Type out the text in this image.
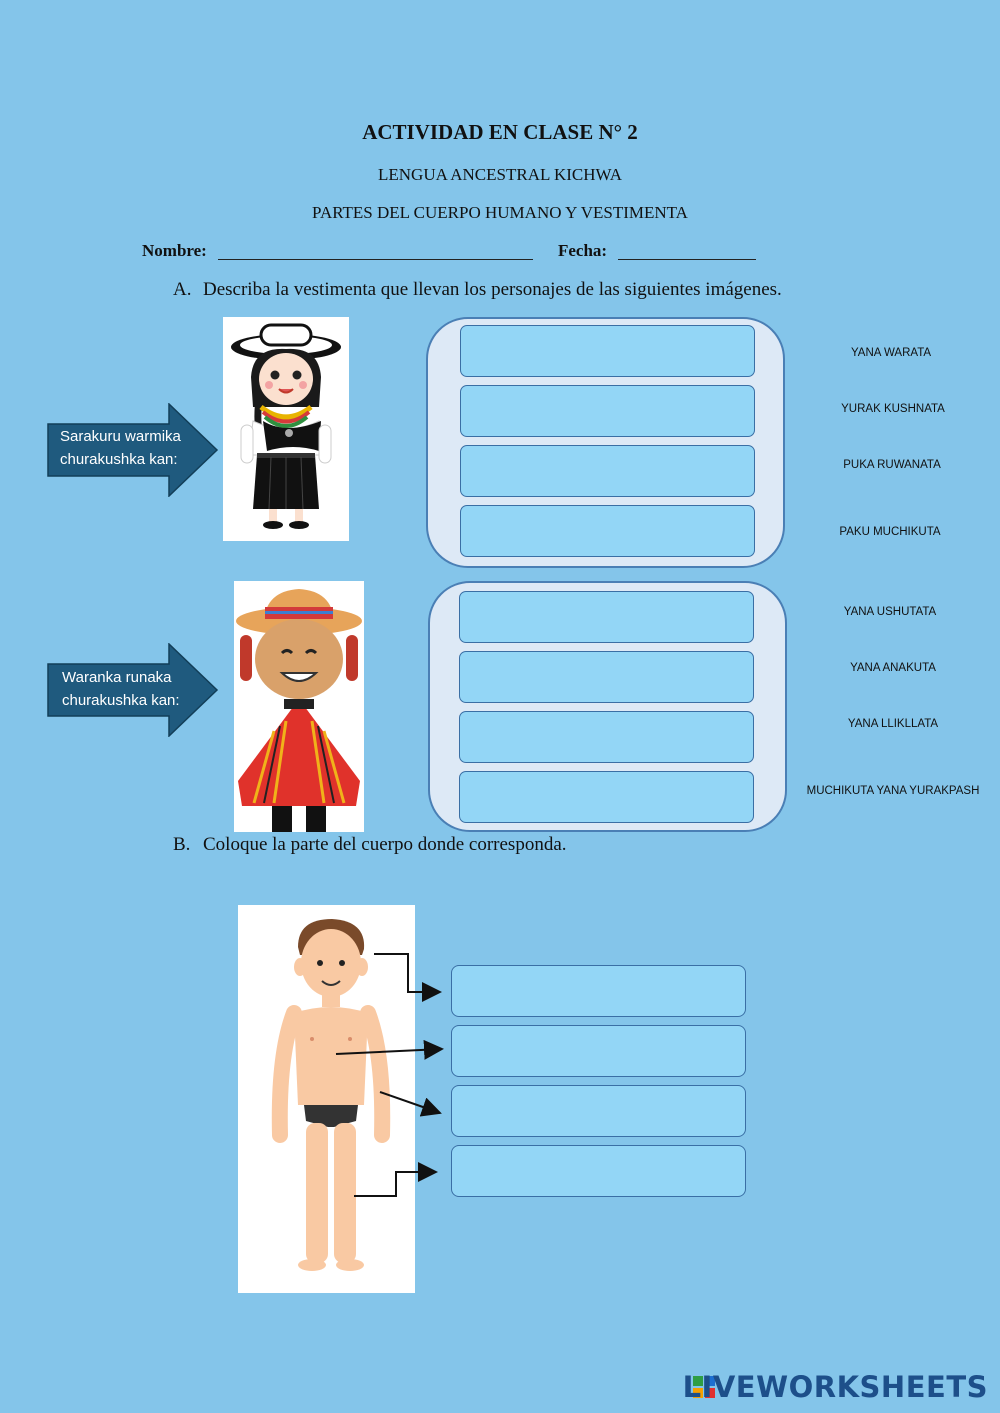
ACTIVIDAD EN CLASE N° 2
LENGUA ANCESTRAL KICHWA
PARTES DEL CUERPO HUMANO Y VESTIMENTA
Nombre:	Fecha:
A. Describa la vestimenta que llevan los personajes de las siguientes imágenes.
Sarakuru warmika
churakushka kan:
Waranka runaka
churakushka kan:
YANA WARATA
YURAK KUSHNATA
PUKA RUWANATA
PAKU MUCHIKUTA
YANA USHUTATA
YANA ANAKUTA
YANA LLIKLLATA
MUCHIKUTA YANA YURAKPASH
B. Coloque la parte del cuerpo donde corresponda.
LIVEWORKSHEETS
